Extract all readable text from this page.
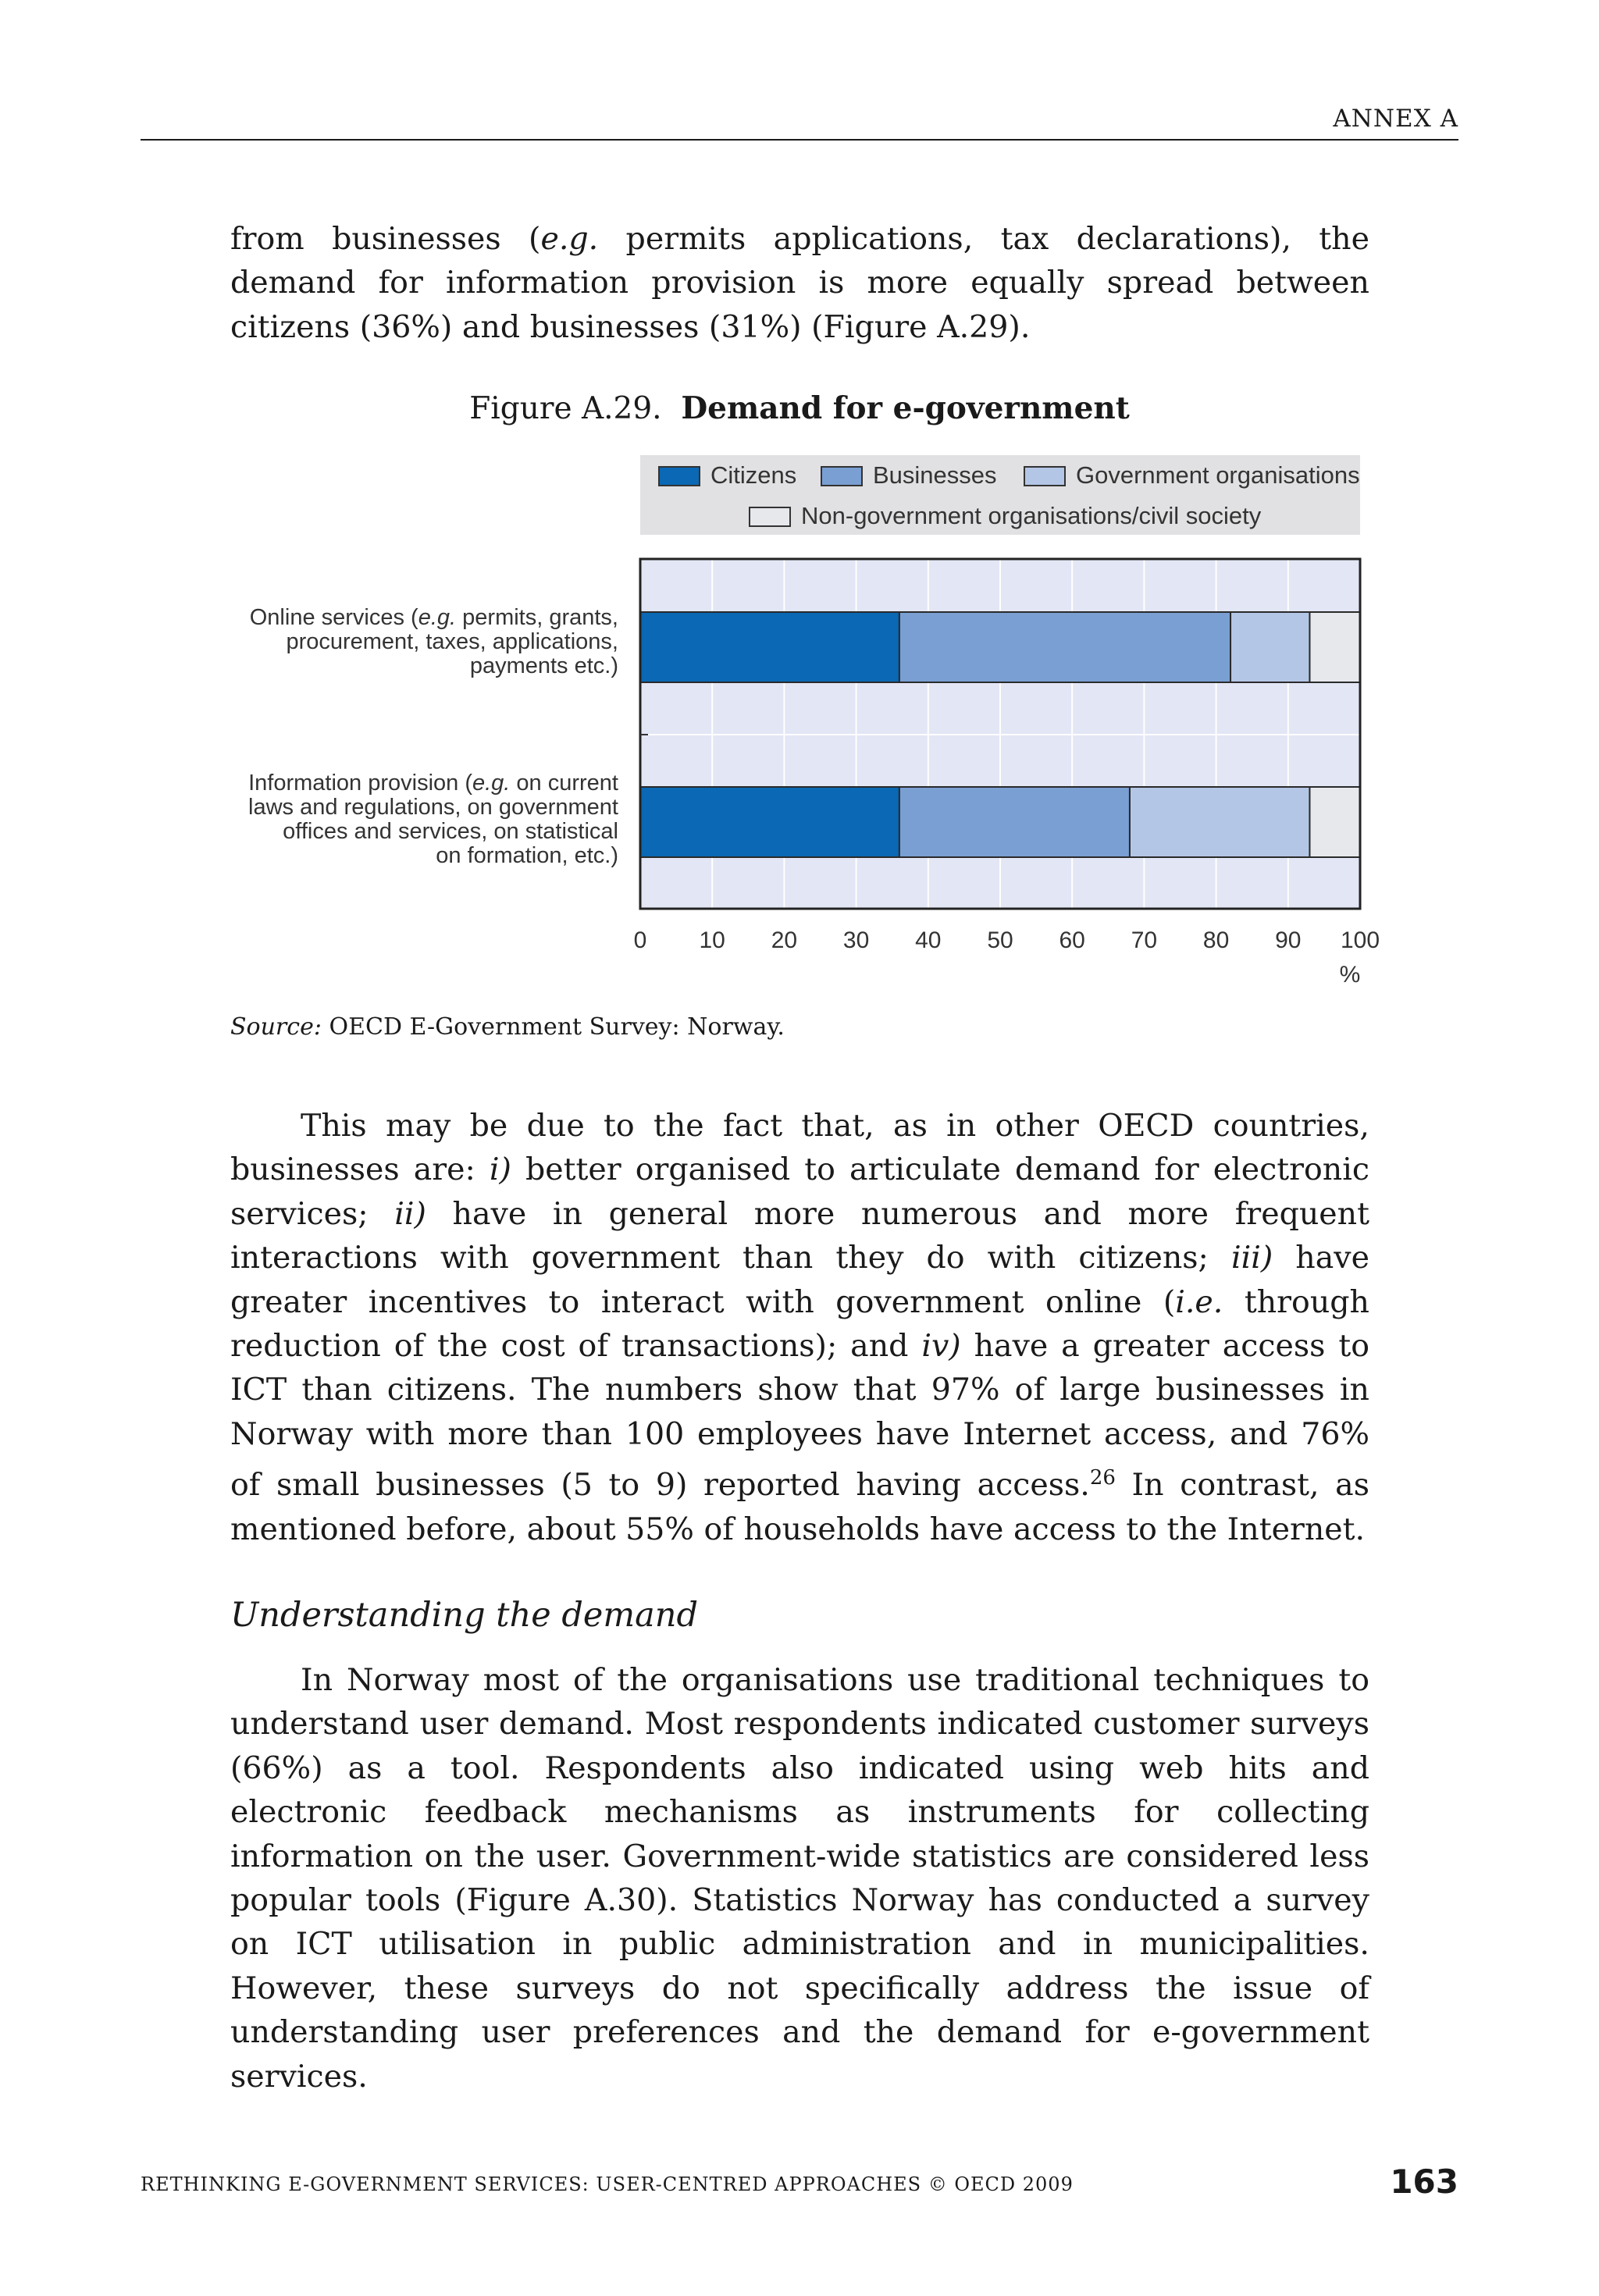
ANNEX A

from businesses (e.g. permits applications, tax declarations), the demand for information provision is more equally spread between citizens (36%) and businesses (31%) (Figure A.29).

Figure A.29. Demand for e-government
Citizens	Businesses	Government organisations
Non-government organisations/civil society
Online services (e.g. permits, grants,
procurement, taxes, applications,
payments etc.)
Information provision (e.g. on current
laws and regulations, on government
offices and services, on statistical
on formation, etc.)
0 10 20 30 40 50 60 70 80 90 100
%
Source: OECD E-Government Survey: Norway.

This may be due to the fact that, as in other OECD countries, businesses are: i) better organised to articulate demand for electronic services; ii) have in general more numerous and more frequent interactions with government than they do with citizens; iii) have greater incentives to interact with government online (i.e. through reduction of the cost of transactions); and iv) have a greater access to ICT than citizens. The numbers show that 97% of large businesses in Norway with more than 100 employees have Internet access, and 76% of small businesses (5 to 9) reported having access.$^{26}$ In contrast, as mentioned before, about 55% of households have access to the Internet.

Understanding the demand

In Norway most of the organisations use traditional techniques to understand user demand. Most respondents indicated customer surveys (66%) as a tool. Respondents also indicated using web hits and electronic feedback mechanisms as instruments for collecting information on the user. Government-wide statistics are considered less popular tools (Figure A.30). Statistics Norway has conducted a survey on ICT utilisation in public administration and in municipalities. However, these surveys do not specifically address the issue of understanding user preferences and the demand for e-government services.

RETHINKING E-GOVERNMENT SERVICES: USER-CENTRED APPROACHES © OECD 2009	163
